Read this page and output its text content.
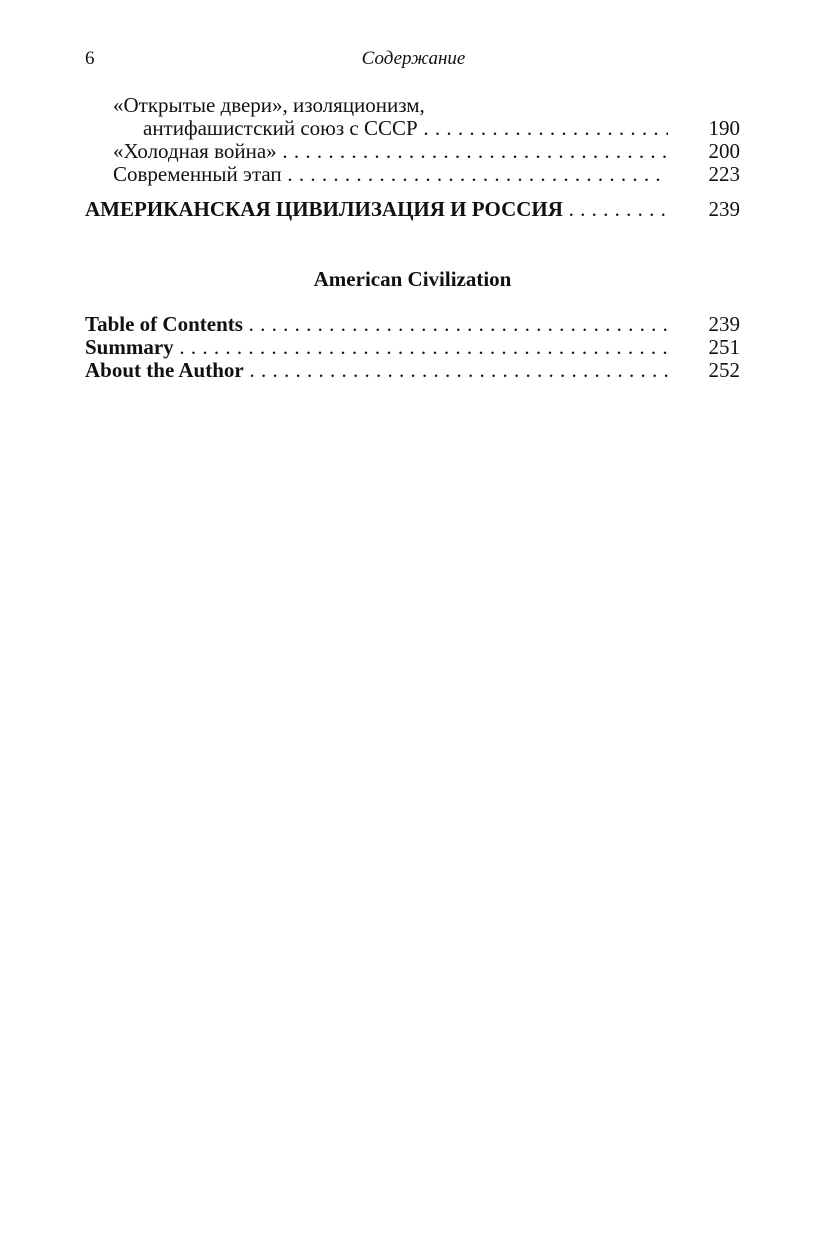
6	Содержание
«Открытые двери», изоляционизм,
антифашистский союз с СССР . . .	190
«Холодная война» . . .	200
Современный этап . . .	223
АМЕРИКАНСКАЯ ЦИВИЛИЗАЦИЯ И РОССИЯ . . .	239
American Civilization
Table of Contents . . .	239
Summary . . .	251
About the Author . . .	252
